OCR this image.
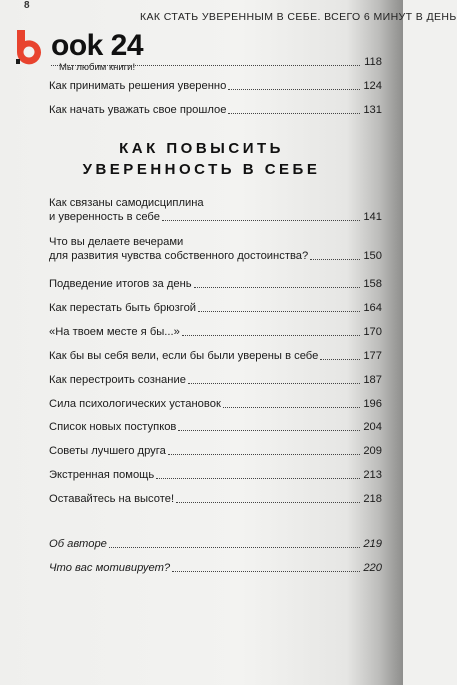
8
КАК СТАТЬ УВЕРЕННЫМ В СЕБЕ. ВСЕГО 6 МИНУТ В ДЕНЬ
ook 24
Мы любим книги!	118
Как принимать решения уверенно	124
Как начать уважать свое прошлое	131
КАК ПОВЫСИТЬ
УВЕРЕННОСТЬ В СЕБЕ
Как связаны самодисциплина
и уверенность в себе	141
Что вы делаете вечерами
для развития чувства собственного достоинства?	150
Подведение итогов за день	158
Как перестать быть брюзгой	164
«На твоем месте я бы...»	170
Как бы вы себя вели, если бы были уверены в себе	177
Как перестроить сознание	187
Сила психологических установок	196
Список новых поступков	204
Советы лучшего друга	209
Экстренная помощь	213
Оставайтесь на высоте!	218
Об авторе	219
Что вас мотивирует?	220
